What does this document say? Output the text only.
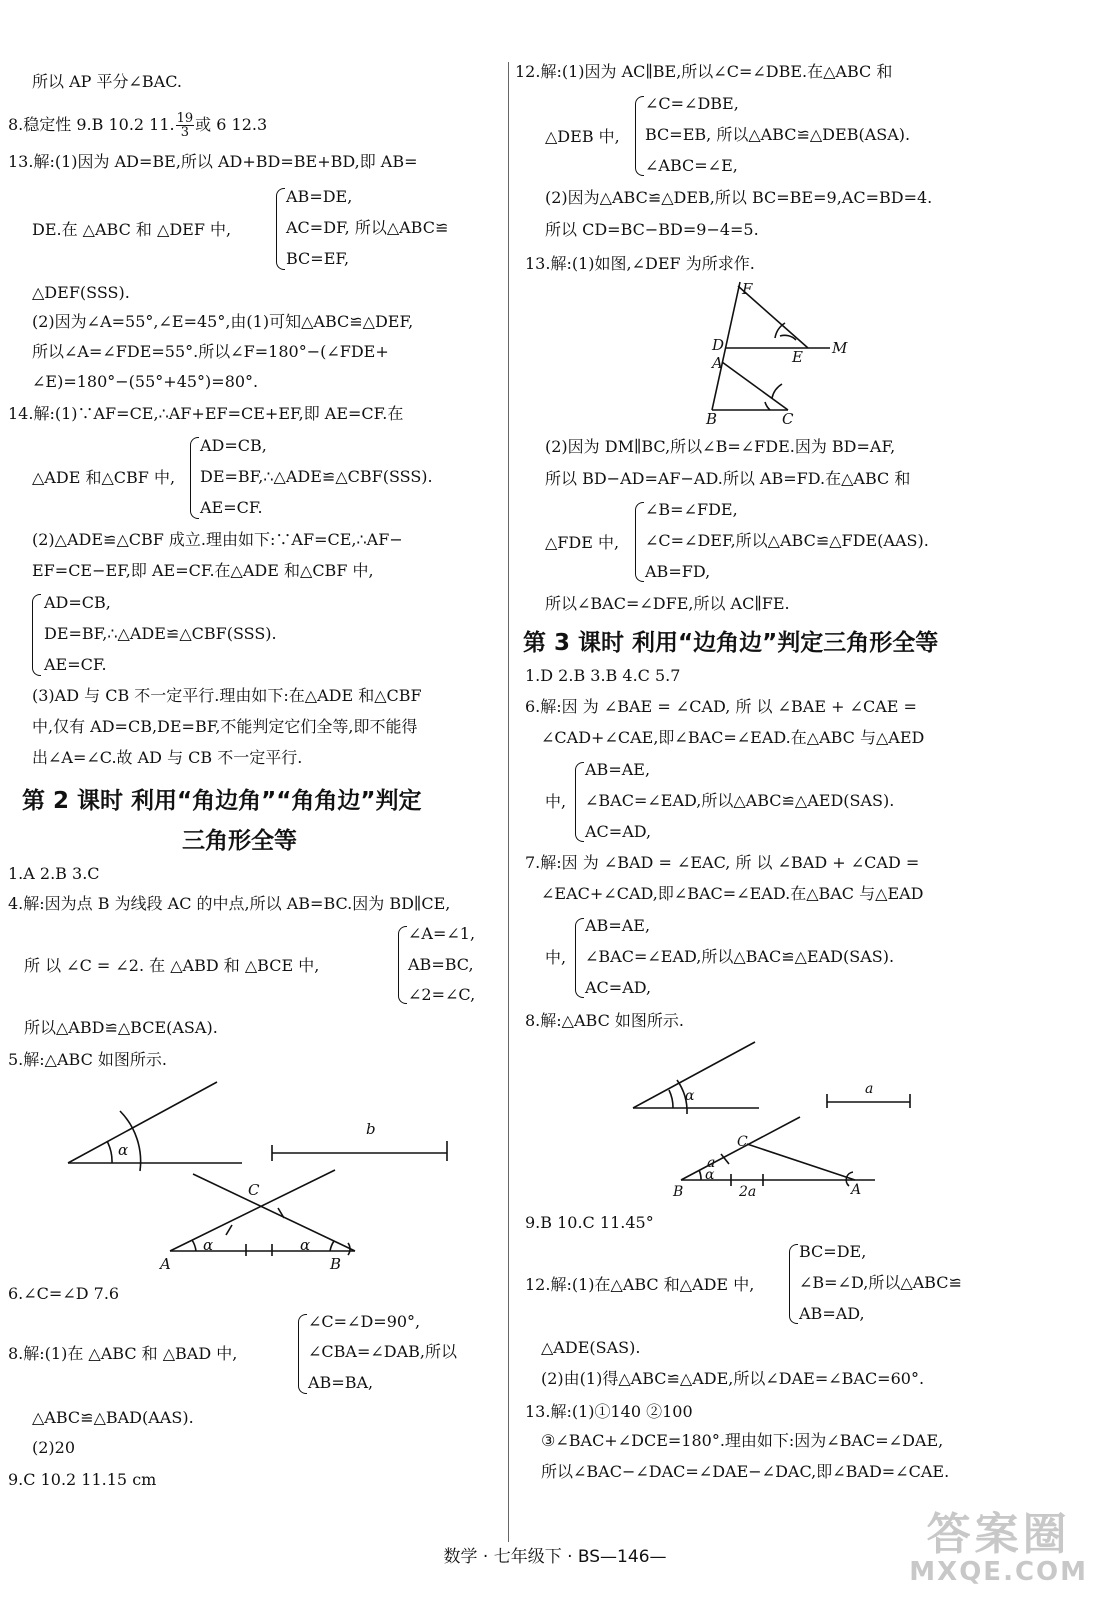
所以 AP 平分∠BAC.
8.稳定性 9.B 10.2 11. $\frac{19}{3}$ 或 6 12.3
13.解:(1)因为 AD=BE,所以 AD+BD=BE+BD,即 AB=
DE.在 △ABC 和 △DEF 中,
AB=DE,
AC=DF, 所以△ABC≌
BC=EF,
△DEF(SSS).
(2)因为∠A=55°,∠E=45°,由(1)可知△ABC≌△DEF,
所以∠A=∠FDE=55°.所以∠F=180°−(∠FDE+
∠E)=180°−(55°+45°)=80°.
14.解:(1)∵AF=CE,∴AF+EF=CE+EF,即 AE=CF.在
AD=CB,
△ADE 和△CBF 中, DE=BF,∴△ADE≌△CBF(SSS).
AE=CF.
(2)△ADE≌△CBF 成立.理由如下:∵AF=CE,∴AF−
EF=CE−EF,即 AE=CF.在△ADE 和△CBF 中,
AD=CB,
DE=BF,∴△ADE≌△CBF(SSS).
AE=CF.
(3)AD 与 CB 不一定平行.理由如下:在△ADE 和△CBF
中,仅有 AD=CB,DE=BF,不能判定它们全等,即不能得
出∠A=∠C.故 AD 与 CB 不一定平行.
第 2 课时 利用“角边角”“角角边”判定
三角形全等
1.A 2.B 3.C
4.解:因为点 B 为线段 AC 的中点,所以 AB=BC.因为 BD∥CE,
∠A=∠1,
所 以 ∠C = ∠2. 在 △ABD 和 △BCE 中,	AB=BC,
∠2=∠C,
所以△ABD≌△BCE(ASA).
5.解:△ABC 如图所示.
α
b
C
A
α	α
B
6.∠C=∠D 7.6
∠C=∠D=90°,
8.解:(1)在 △ABC 和 △BAD 中,	∠CBA=∠DAB,所以
AB=BA,
△ABC≌△BAD(AAS).
(2)20
9.C 10.2 11.15 cm
12.解:(1)因为 AC∥BE,所以∠C=∠DBE.在△ABC 和
∠C=∠DBE,
△DEB 中, BC=EB, 所以△ABC≌△DEB(ASA).
∠ABC=∠E,
(2)因为△ABC≌△DEB,所以 BC=BE=9,AC=BD=4.
所以 CD=BC−BD=9−4=5.
13.解:(1)如图,∠DEF 为所求作.
F
D
A	E M
B	C
(2)因为 DM∥BC,所以∠B=∠FDE.因为 BD=AF,
所以 BD−AD=AF−AD.所以 AB=FD.在△ABC 和
∠B=∠FDE,
△FDE 中, ∠C=∠DEF,所以△ABC≌△FDE(AAS).
AB=FD,
所以∠BAC=∠DFE,所以 AC∥FE.
第 3 课时 利用“边角边”判定三角形全等
1.D 2.B 3.B 4.C 5.7
6.解:因 为 ∠BAE = ∠CAD, 所 以 ∠BAE + ∠CAE =
∠CAD+∠CAE,即∠BAC=∠EAD.在△ABC 与△AED
AB=AE,
中, ∠BAC=∠EAD,所以△ABC≌△AED(SAS).
AC=AD,
7.解:因 为 ∠BAD = ∠EAC, 所 以 ∠BAD + ∠CAD =
∠EAC+∠CAD,即∠BAC=∠EAD.在△BAC 与△EAD
AB=AE,
中, ∠BAC=∠EAD,所以△BAC≌△EAD(SAS).
AC=AD,
8.解:△ABC 如图所示.
α	a
C
a
α
B	2a	A
9.B 10.C 11.45°
BC=DE,
12.解:(1)在△ABC 和△ADE 中,	∠B=∠D,所以△ABC≌
AB=AD,
△ADE(SAS).
(2)由(1)得△ABC≌△ADE,所以∠DAE=∠BAC=60°.
13.解:(1)①140 ②100
③∠BAC+∠DCE=180°.理由如下:因为∠BAC=∠DAE,
所以∠BAC−∠DAC=∠DAE−∠DAC,即∠BAD=∠CAE.
数学 · 七年级下 · BS—146—	答案圈
MXQE.COM
